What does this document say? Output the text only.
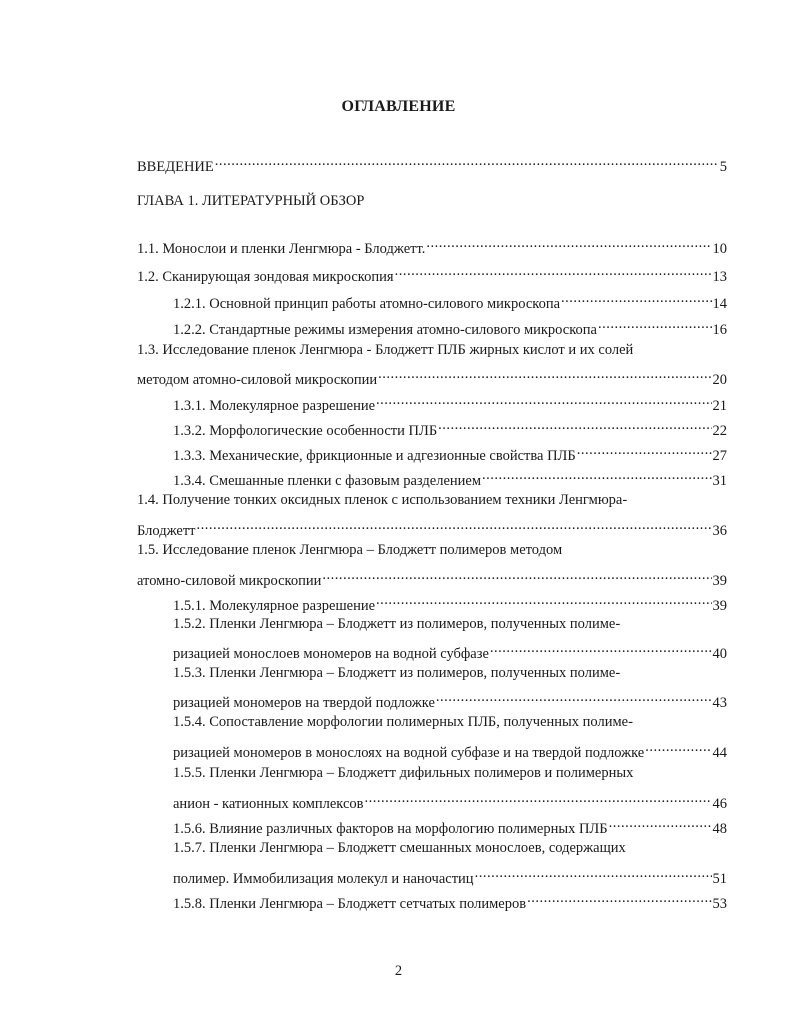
ОГЛАВЛЕНИЕ
ВВЕДЕНИЕ .....	5
ГЛАВА 1. ЛИТЕРАТУРНЫЙ ОБЗОР
1.1. Монослои и пленки Ленгмюра - Блоджетт. .....	10
1.2. Сканирующая зондовая микроскопия .....	13
1.2.1. Основной принцип работы атомно-силового микроскопа .....	14
1.2.2. Стандартные режимы измерения атомно-силового микроскопа .....	16
1.3. Исследование пленок Ленгмюра - Блоджетт ПЛБ жирных кислот и их солей
методом атомно-силовой микроскопии .....	20
1.3.1. Молекулярное разрешение .....	21
1.3.2. Морфологические особенности ПЛБ .....	22
1.3.3. Механические, фрикционные и адгезионные свойства ПЛБ .....	27
1.3.4. Смешанные пленки с фазовым разделением .....	31
1.4. Получение тонких оксидных пленок с использованием техники Ленгмюра-
Блоджетт .....	36
1.5. Исследование пленок Ленгмюра – Блоджетт полимеров методом
атомно-силовой микроскопии .....	39
1.5.1. Молекулярное разрешение .....	39
1.5.2. Пленки Ленгмюра – Блоджетт из полимеров, полученных полиме-
ризацией монослоев мономеров на водной субфазе .....	40
1.5.3. Пленки Ленгмюра – Блоджетт из полимеров, полученных полиме-
ризацией мономеров на твердой подложке .....	43
1.5.4. Сопоставление морфологии полимерных ПЛБ, полученных полиме-
ризацией мономеров в монослоях на водной субфазе и на твердой подложке .....	44
1.5.5. Пленки Ленгмюра – Блоджетт дифильных полимеров и полимерных
анион - катионных комплексов .....	46
1.5.6. Влияние различных факторов на морфологию полимерных ПЛБ .....	48
1.5.7. Пленки Ленгмюра – Блоджетт смешанных монослоев, содержащих
полимер. Иммобилизация молекул и наночастиц .....	51
1.5.8. Пленки Ленгмюра – Блоджетт сетчатых полимеров .....	53
2
